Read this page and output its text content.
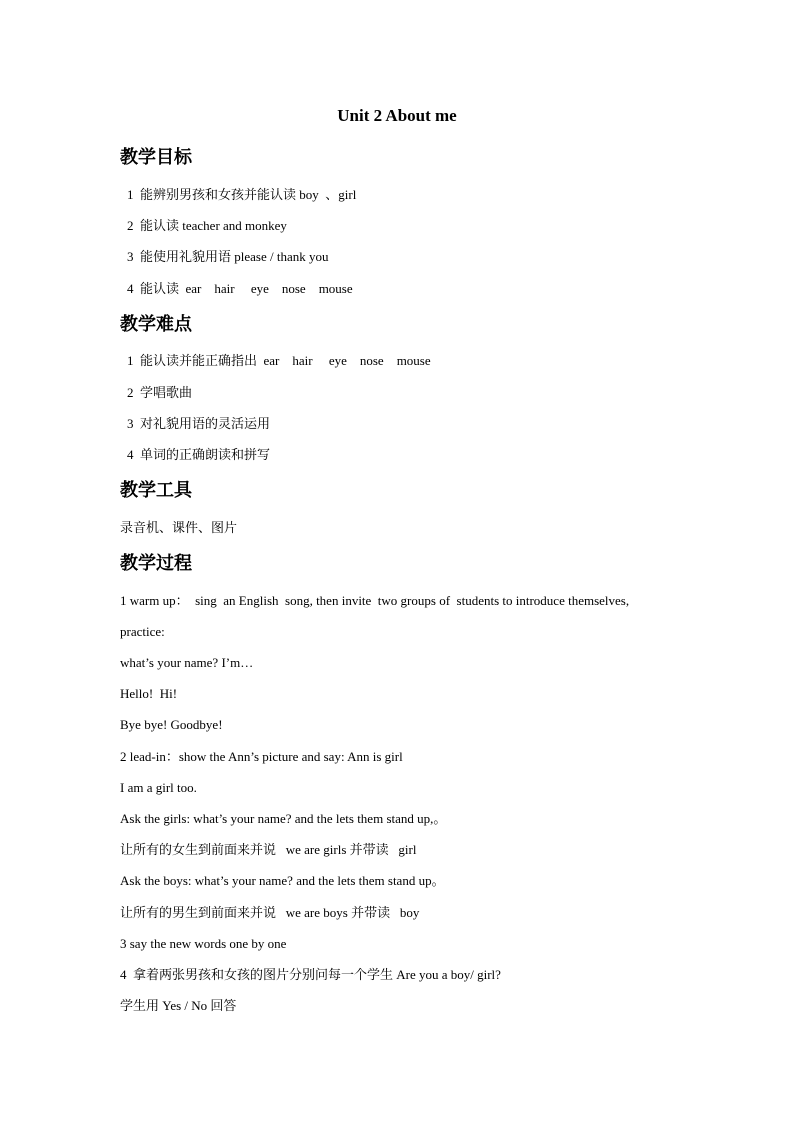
Unit 2 About me
教学目标

1  能辨别男孩和女孩并能认读 boy  、girl

2  能认读 teacher and monkey

3  能使用礼貌用语 please / thank you

4  能认读  ear    hair     eye    nose    mouse

教学难点

1  能认读并能正确指出  ear    hair     eye    nose    mouse

2  学唱歌曲

3  对礼貌用语的灵活运用

4  单词的正确朗读和拼写

教学工具

录音机、课件、图片

教学过程

1 warm up：  sing  an English  song, then invite  two groups of  students to introduce themselves,

practice:

what’s your name? I’m…

Hello!  Hi!

Bye bye! Goodbye!

2 lead-in：show the Ann’s picture and say: Ann is girl

I am a girl too.

Ask the girls: what’s your name? and the lets them stand up,。

让所有的女生到前面来并说   we are girls 并带读   girl

Ask the boys: what’s your name? and the lets them stand up。

让所有的男生到前面来并说   we are boys 并带读   boy

3 say the new words one by one

4  拿着两张男孩和女孩的图片分别问每一个学生 Are you a boy/ girl?

学生用 Yes / No 回答
